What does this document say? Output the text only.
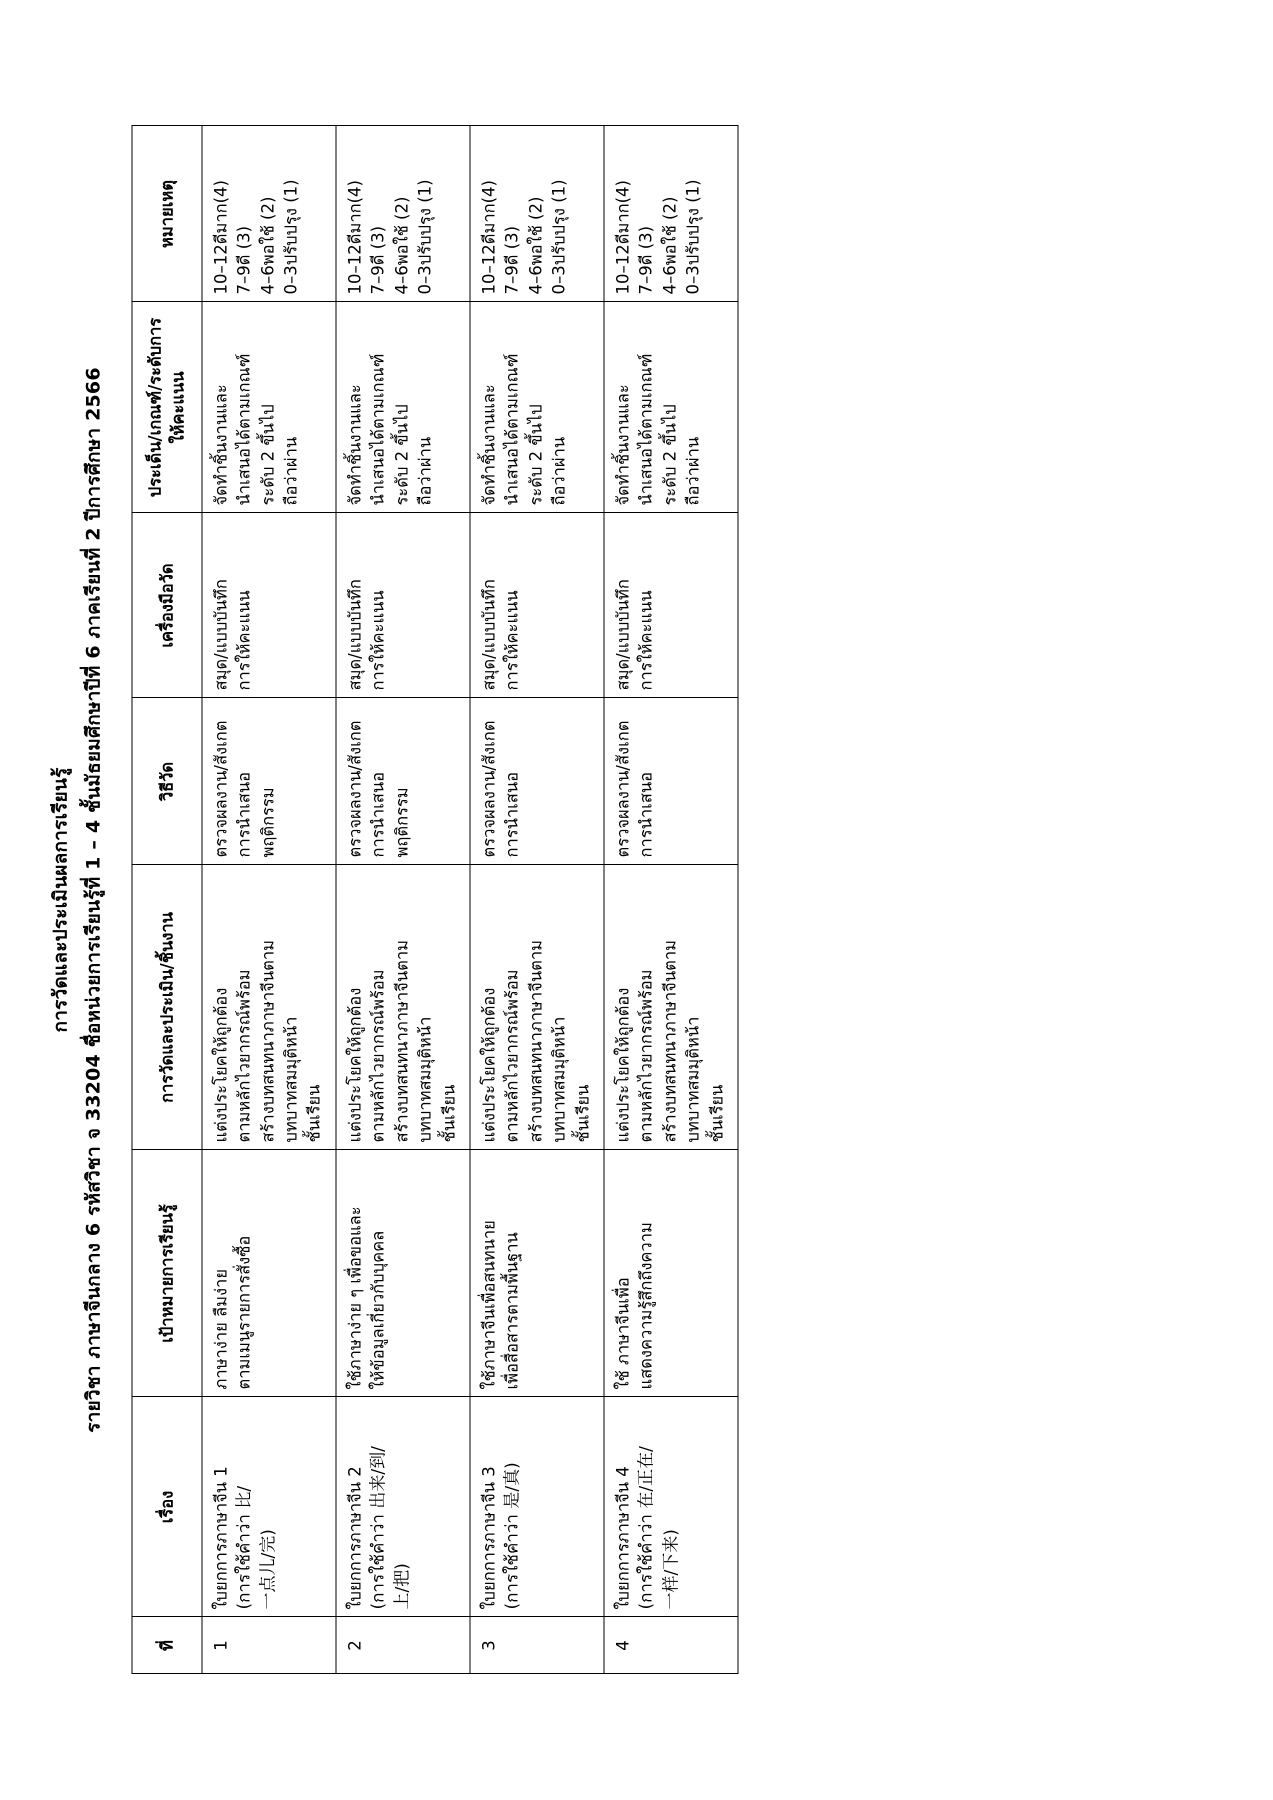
การวัดและประเมินผลการเรียนรู้ รายวิชา ภาษาจีนกลาง 6 รหัสวิชา จ 33204 ชื่อหน่วยการเรียนรู้ที่ 1 – 4 ชั้นมัธยมศึกษาปีที่ 6 ภาคเรียนที่ 2 ปีการศึกษา 2566
ที่	เรื่อง	เป้าหมายการเรียนรู้	การวัดและประเมิน/ชิ้นงาน	วิธีวัด	เครื่องมือวัด	ประเด็น/เกณฑ์/ระดับการ ให้คะแนน	หมายเหตุ
1	ใบยกการภาษาจีน 1 (การใช้คำว่า 比/ 一点儿/完)	ภาษาง่าย ลืมง่าย ตามเมนูรายการสั่งซื้อ	แต่งประโยคให้ถูกต้อง ตามหลักไวยากรณ์พร้อม สร้างบทสนทนาภาษาจีนตาม บทบาทสมมุติหน้า ชั้นเรียน	ตรวจผลงาน/สังเกต การนำเสนอพฤติกรรม	สมุด/แบบบันทึก การให้คะแนน	จัดทำชิ้นงานและ นำเสนอได้ตามเกณฑ์ ระดับ 2 ขึ้นไป ถือว่าผ่าน	10–12ดีมาก(4) 7–9ดี (3) 4–6พอใช้ (2) 0–3ปรับปรุง (1)

2	ใบยกการภาษาจีน 2 (การใช้คำว่า 出来/到/ 上/把)	ใช้ภาษาง่าย ๆ เพื่อขอและ ให้ข้อมูลเกี่ยวกับบุคคล	แต่งประโยคให้ถูกต้อง ตามหลักไวยากรณ์พร้อม สร้างบทสนทนาภาษาจีนตาม บทบาทสมมุติหน้า ชั้นเรียน	ตรวจผลงาน/สังเกต การนำเสนอพฤติกรรม	สมุด/แบบบันทึก การให้คะแนน	จัดทำชิ้นงานและ นำเสนอได้ตามเกณฑ์ ระดับ 2 ขึ้นไป ถือว่าผ่าน	10–12ดีมาก(4) 7–9ดี (3) 4–6พอใช้ (2) 0–3ปรับปรุง (1)

3	ใบยกการภาษาจีน 3 (การใช้คำว่า 是/真)	ใช้ภาษาจีนเพื่อสนทนาย เพื่อสื่อสารตามพื้นฐาน	แต่งประโยคให้ถูกต้อง ตามหลักไวยากรณ์พร้อม สร้างบทสนทนาภาษาจีนตาม บทบาทสมมุติหน้า ชั้นเรียน	ตรวจผลงาน/สังเกต การนำเสนอ	สมุด/แบบบันทึก การให้คะแนน	จัดทำชิ้นงานและ นำเสนอได้ตามเกณฑ์ ระดับ 2 ขึ้นไป ถือว่าผ่าน	10–12ดีมาก(4) 7–9ดี (3) 4–6พอใช้ (2) 0–3ปรับปรุง (1)

4	ใบยกการภาษาจีน 4 (การใช้คำว่า 在/正在/ 一样/下来)	ใช้ ภาษาจีนเพื่อ แสดงความรู้สึกถึงความ	แต่งประโยคให้ถูกต้อง ตามหลักไวยากรณ์พร้อม สร้างบทสนทนาภาษาจีนตาม บทบาทสมมุติหน้า ชั้นเรียน	ตรวจผลงาน/สังเกต การนำเสนอ	สมุด/แบบบันทึก การให้คะแนน	จัดทำชิ้นงานและ นำเสนอได้ตามเกณฑ์ ระดับ 2 ขึ้นไป ถือว่าผ่าน	10–12ดีมาก(4) 7–9ดี (3) 4–6พอใช้ (2) 0–3ปรับปรุง (1)
